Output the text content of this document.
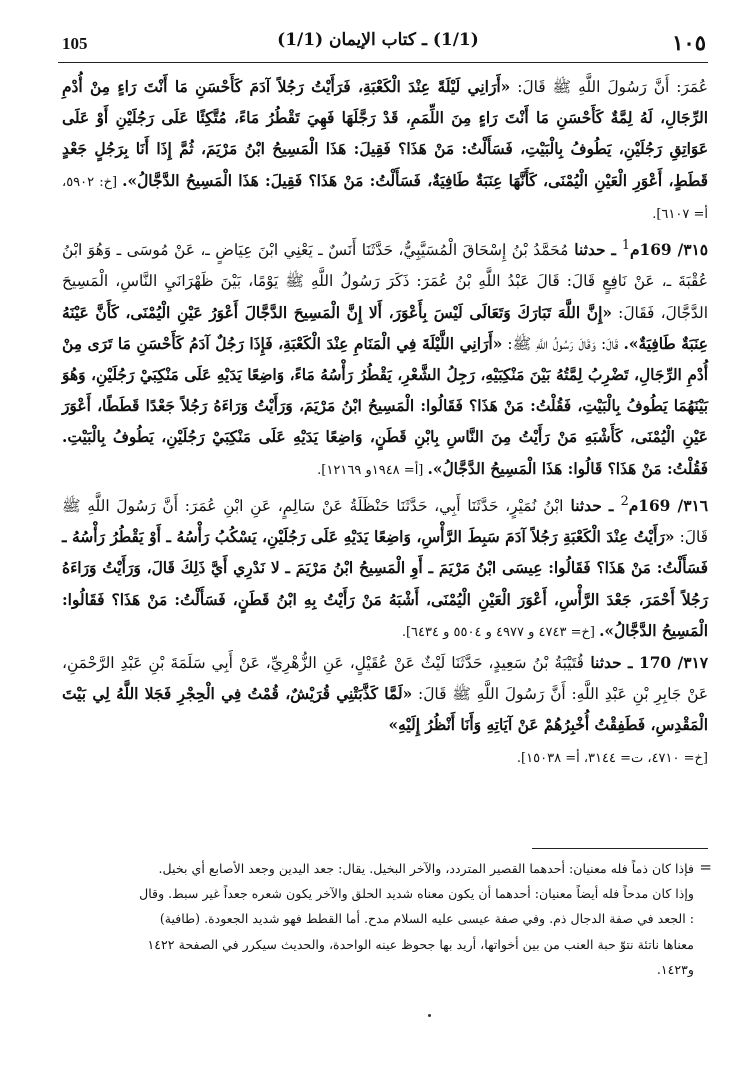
105	(1/1) ـ كتاب الإيمان (1/1)	١٠٥

عُمَرَ: أَنَّ رَسُولَ اللَّهِ ﷺ قَالَ: «أَرَانِي لَيْلَةً عِنْدَ الْكَعْبَةِ، فَرَأَيْتُ رَجُلاً آدَمَ كَأَحْسَنِ مَا أَنْتَ رَاءٍ مِنْ أُدْمِ الرِّجَالِ، لَهُ لِمَّةٌ كَأَحْسَنِ مَا أَنْتَ رَاءٍ مِنَ اللِّمَمِ، قَدْ رَجَّلَهَا فَهِيَ تَقْطُرُ مَاءً، مُتَّكِئًا عَلَى رَجُلَيْنِ أَوْ عَلَى عَوَاتِقِ رَجُلَيْنِ، يَطُوفُ بِالْبَيْتِ، فَسَأَلْتُ: مَنْ هَذَا؟ فَقِيلَ: هَذَا الْمَسِيحُ ابْنُ مَرْيَمَ، ثُمَّ إِذَا أَنَا بِرَجُلٍ جَعْدٍ قَطَطٍ، أَعْوَرِ الْعَيْنِ الْيُمْنَى، كَأَنَّهَا عِنَبَةٌ طَافِيَةٌ، فَسَأَلْتُ: مَنْ هَذَا؟ فَقِيلَ: هَذَا الْمَسِيحُ الدَّجَّالُ». [خ: ٥٩٠٢، أ= ٦١٠٧].

٣١٥/ 169م$^1$ ـ حدثنا مُحَمَّدُ بْنُ إِسْحَاقَ الْمُسَيَّبِيُّ، حَدَّثَنَا أَنَسٌ ـ يَعْنِي ابْنَ عِيَاضٍ ـ، عَنْ مُوسَى ـ وَهُوَ ابْنُ عُقْبَةَ ـ، عَنْ نَافِعٍ قَالَ: قَالَ عَبْدُ اللَّهِ بْنُ عُمَرَ: ذَكَرَ رَسُولُ اللَّهِ ﷺ يَوْمًا، بَيْنَ ظَهْرَانَيِ النَّاسِ، الْمَسِيحَ الدَّجَّالَ، فَقَالَ: «إِنَّ اللَّهَ تَبَارَكَ وَتَعَالَى لَيْسَ بِأَعْوَرَ، أَلا إِنَّ الْمَسِيحَ الدَّجَّالَ أَعْوَرُ عَيْنِ الْيُمْنَى، كَأَنَّ عَيْنَهُ عِنَبَةٌ طَافِيَةٌ». قَالَ: وَقَالَ رَسُولُ اللَّهِ ﷺ: «أَرَانِي اللَّيْلَةَ فِي الْمَنَامِ عِنْدَ الْكَعْبَةِ، فَإِذَا رَجُلٌ آدَمُ كَأَحْسَنِ مَا تَرَى مِنْ أُدْمِ الرِّجَالِ، تَضْرِبُ لِمَّتُهُ بَيْنَ مَنْكِبَيْهِ، رَجِلُ الشَّعْرِ، يَقْطُرُ رَأْسُهُ مَاءً، وَاضِعًا يَدَيْهِ عَلَى مَنْكِبَيْ رَجُلَيْنِ، وَهُوَ بَيْنَهُمَا يَطُوفُ بِالْبَيْتِ، فَقُلْتُ: مَنْ هَذَا؟ فَقَالُوا: الْمَسِيحُ ابْنُ مَرْيَمَ، وَرَأَيْتُ وَرَاءَهُ رَجُلاً جَعْدًا قَطَطًا، أَعْوَرَ عَيْنِ الْيُمْنَى، كَأَشْبَهِ مَنْ رَأَيْتُ مِنَ النَّاسِ بِابْنِ قَطَنٍ، وَاضِعًا يَدَيْهِ عَلَى مَنْكِبَيْ رَجُلَيْنِ، يَطُوفُ بِالْبَيْتِ. فَقُلْتُ: مَنْ هَذَا؟ قَالُوا: هَذَا الْمَسِيحُ الدَّجَّالُ». [أ= ١٩٤٨و ١٢١٦٩].

٣١٦/ 169م$^2$ ـ حدثنا ابْنُ نُمَيْرٍ، حَدَّثَنَا أَبِي، حَدَّثَنَا حَنْظَلَةُ عَنْ سَالِمٍ، عَنِ ابْنِ عُمَرَ: أَنَّ رَسُولَ اللَّهِ ﷺ قَالَ: «رَأَيْتُ عِنْدَ الْكَعْبَةِ رَجُلاً آدَمَ سَبِطَ الرَّأْسِ، وَاضِعًا يَدَيْهِ عَلَى رَجُلَيْنِ، يَسْكُبُ رَأْسُهُ ـ أَوْ يَقْطُرُ رَأْسُهُ ـ فَسَأَلْتُ: مَنْ هَذَا؟ فَقَالُوا: عِيسَى ابْنُ مَرْيَمَ ـ أَوِ الْمَسِيحُ ابْنُ مَرْيَمَ ـ لا نَدْرِي أَيَّ ذَلِكَ قَالَ، وَرَأَيْتُ وَرَاءَهُ رَجُلاً أَحْمَرَ، جَعْدَ الرَّأْسِ، أَعْوَرَ الْعَيْنِ الْيُمْنَى، أَشْبَهُ مَنْ رَأَيْتُ بِهِ ابْنُ قَطَنٍ، فَسَأَلْتُ: مَنْ هَذَا؟ فَقَالُوا: الْمَسِيحُ الدَّجَّالُ». [خ= ٤٧٤٣ و ٤٩٧٧ و ٥٥٠٤ و ٦٤٣٤].

٣١٧/ 170 ـ حدثنا قُتَيْبَةُ بْنُ سَعِيدٍ، حَدَّثَنَا لَيْثٌ عَنْ عُقَيْلٍ، عَنِ الزُّهْرِيِّ، عَنْ أَبِي سَلَمَةَ بْنِ عَبْدِ الرَّحْمَنِ، عَنْ جَابِرِ بْنِ عَبْدِ اللَّهِ: أَنَّ رَسُولَ اللَّهِ ﷺ قَالَ: «لَمَّا كَذَّبَتْنِي قُرَيْشٌ، قُمْتُ فِي الْحِجْرِ فَجَلا اللَّهُ لِي بَيْتَ الْمَقْدِسِ، فَطَفِقْتُ أُخْبِرُهُمْ عَنْ آيَاتِهِ وَأَنَا أَنْظُرُ إِلَيْهِ»
[خ= ٤٧١٠، ت= ٣١٤٤، أ= ١٥٠٣٨].

=

فإذا كان ذماً فله معنيان: أحدهما القصير المتردد، والآخر البخيل. يقال: جعد اليدين وجعد الأصابع أي بخيل.

وإذا كان مدحاً فله أيضاً معنيان: أحدهما أن يكون معناه شديد الحلق والآخر يكون شعره جعداً غير سبط. وقال

: الجعد في صفة الدجال ذم. وفي صفة عيسى عليه السلام مدح. أما القطط فهو شديد الجعودة. (طافية)

معناها ناتئة نتوّ حبة العنب من بين أخواتها، أريد بها جحوظ عينه الواحدة، والحديث سيكرر في الصفحة ١٤٢٢

و١٤٢٣.
